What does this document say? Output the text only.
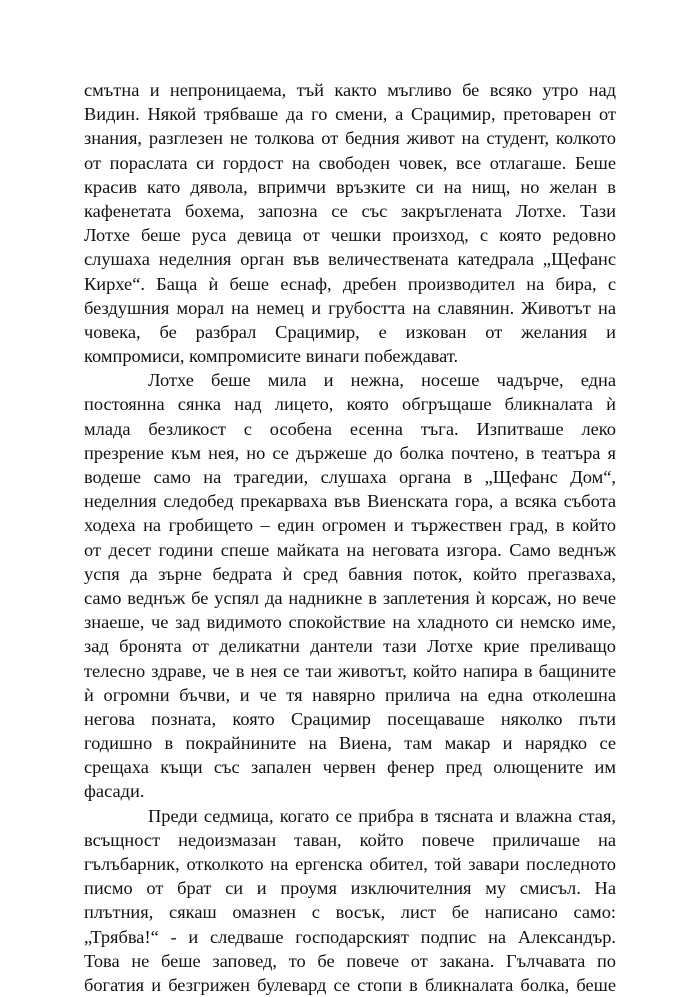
смътна и непроницаема, тъй както мъгливо бе всяко утро над
Видин. Някой трябваше да го смени, а Срацимир, претоварен от
знания, разглезен не толкова от бедния живот на студент, колкото
от пораслата си гордост на свободен човек, все отлагаше. Беше
красив като дявола, впримчи връзките си на нищ, но желан в
кафенетата бохема, запозна се със закръглената Лотхе. Тази
Лотхе беше руса девица от чешки произход, с която редовно
слушаха неделния орган във величествената катедрала „Щефанс
Кирхе“. Баща ѝ беше еснаф, дребен производител на бира, с
бездушния морал на немец и грубостта на славянин. Животът на
човека, бе разбрал Срацимир, е изкован от желания и
компромиси, компромисите винаги побеждават.
Лотхе беше мила и нежна, носеше чадърче, една
постоянна сянка над лицето, която обгръщаше бликналата ѝ
млада безликост с особена есенна тъга. Изпитваше леко
презрение към нея, но се държеше до болка почтено, в театъра я
водеше само на трагедии, слушаха органа в „Щефанс Дом“,
неделния следобед прекарваха във Виенската гора, а всяка събота
ходеха на гробището – един огромен и тържествен град, в който
от десет години спеше майката на неговата изгора. Само веднъж
успя да зърне бедрата ѝ сред бавния поток, който прегазваха,
само веднъж бе успял да надникне в заплетения ѝ корсаж, но вече
знаеше, че зад видимото спокойствие на хладното си немско име,
зад бронята от деликатни дантели тази Лотхе крие преливащо
телесно здраве, че в нея се таи животът, който напира в бащините
ѝ огромни бъчви, и че тя навярно прилича на една отколешна
негова позната, която Срацимир посещаваше няколко пъти
годишно в покрайнините на Виена, там макар и нарядко се
срещаха къщи със запален червен фенер пред олющените им
фасади.
Преди седмица, когато се прибра в тясната и влажна стая,
всъщност недоизмазан таван, който повече приличаше на
гълъбарник, отколкото на ергенска обител, той завари последното
писмо от брат си и проумя изключителния му смисъл. На
плътния, сякаш омазнен с восък, лист бе написано само:
„Трябва!“ - и следваше господарският подпис на Александър.
Това не беше заповед, то бе повече от закана. Гълчавата по
богатия и безгрижен булевард се стопи в бликналата болка, беше
